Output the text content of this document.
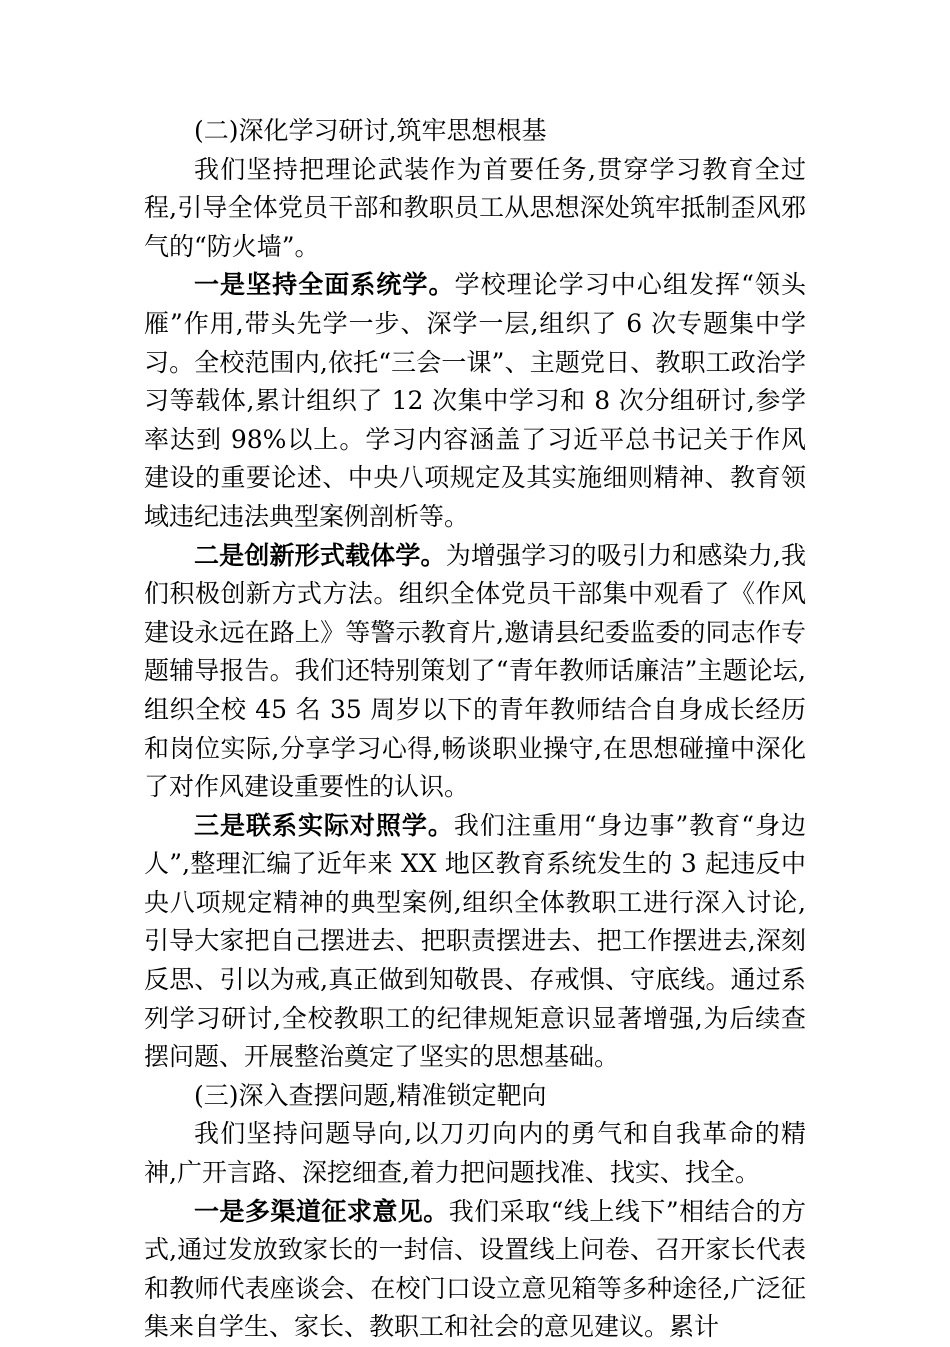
(二)深化学习研讨,筑牢思想根基

我们坚持把理论武装作为首要任务,贯穿学习教育全过程,引导全体党员干部和教职员工从思想深处筑牢抵制歪风邪气的“防火墙”。

一是坚持全面系统学。学校理论学习中心组发挥“领头雁”作用,带头先学一步、深学一层,组织了 6 次专题集中学习。全校范围内,依托“三会一课”、主题党日、教职工政治学习等载体,累计组织了 12 次集中学习和 8 次分组研讨,参学率达到 98%以上。学习内容涵盖了习近平总书记关于作风建设的重要论述、中央八项规定及其实施细则精神、教育领域违纪违法典型案例剖析等。

二是创新形式载体学。为增强学习的吸引力和感染力,我们积极创新方式方法。组织全体党员干部集中观看了《作风建设永远在路上》等警示教育片,邀请县纪委监委的同志作专题辅导报告。我们还特别策划了“青年教师话廉洁”主题论坛,组织全校 45 名 35 周岁以下的青年教师结合自身成长经历和岗位实际,分享学习心得,畅谈职业操守,在思想碰撞中深化了对作风建设重要性的认识。

三是联系实际对照学。我们注重用“身边事”教育“身边人”,整理汇编了近年来 XX 地区教育系统发生的 3 起违反中央八项规定精神的典型案例,组织全体教职工进行深入讨论,引导大家把自己摆进去、把职责摆进去、把工作摆进去,深刻反思、引以为戒,真正做到知敬畏、存戒惧、守底线。通过系列学习研讨,全校教职工的纪律规矩意识显著增强,为后续查摆问题、开展整治奠定了坚实的思想基础。

(三)深入查摆问题,精准锁定靶向

我们坚持问题导向,以刀刃向内的勇气和自我革命的精神,广开言路、深挖细查,着力把问题找准、找实、找全。

一是多渠道征求意见。我们采取“线上线下”相结合的方式,通过发放致家长的一封信、设置线上问卷、召开家长代表和教师代表座谈会、在校门口设立意见箱等多种途径,广泛征集来自学生、家长、教职工和社会的意见建议。累计
